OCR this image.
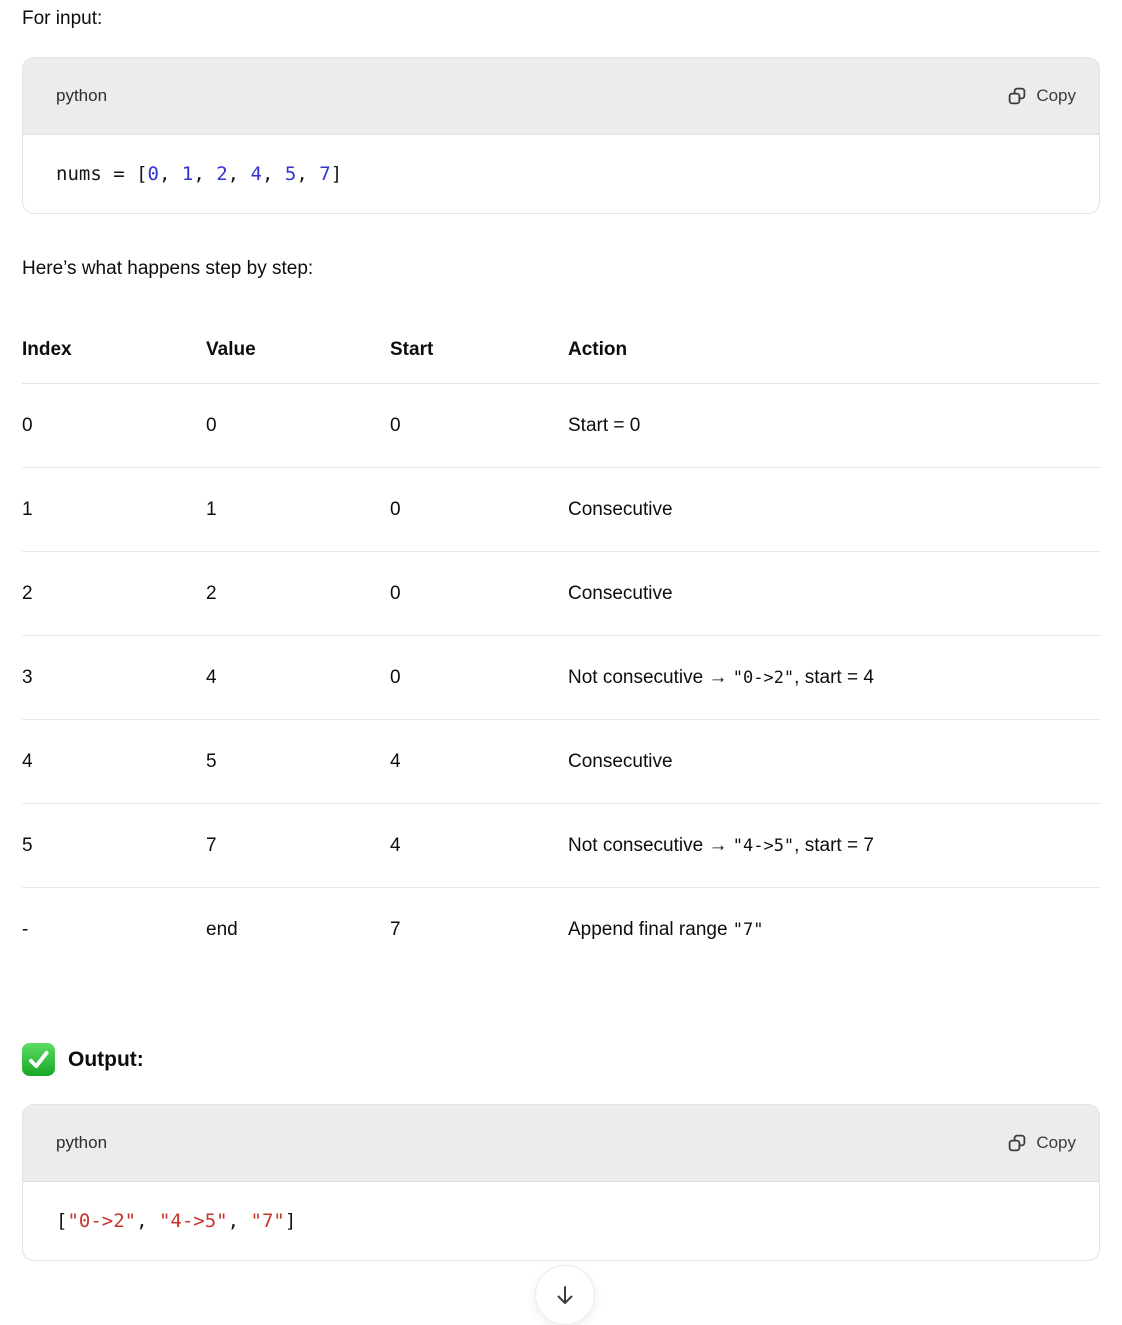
For input:

python	Copy
nums = [ 0 , 1 , 2 , 4 , 5 , 7 ]

Here’s what happens step by step:

Index	Value	Start	Action
0	0	0	Start = 0
1	1	0	Consecutive
2	2	0	Consecutive
3	4	0	Not consecutive → "0->2", start = 4
4	5	4	Consecutive
5	7	4	Not consecutive → "4->5", start = 7
-	end	7	Append final range "7"
Output:
python	Copy
[ "0->2" , "4->5" , "7" ]
